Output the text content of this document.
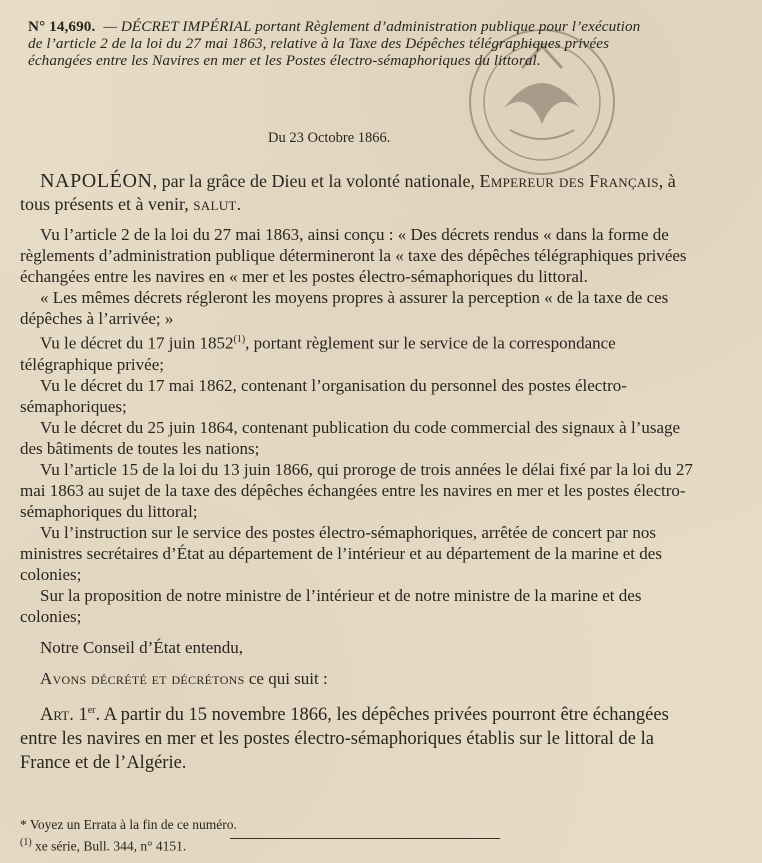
N° 14,690. — DÉCRET IMPÉRIAL portant Règlement d’administration publique pour l’exécution de l’article 2 de la loi du 27 mai 1863, relative à la Taxe des Dépêches télégraphiques privées échangées entre les Navires en mer et les Postes électro-sémaphoriques du littoral.
Du 23 Octobre 1866.

NAPOLÉON, par la grâce de Dieu et la volonté nationale, Empereur des Français, à tous présents et à venir, salut.

Vu l’article 2 de la loi du 27 mai 1863, ainsi conçu : « Des décrets rendus « dans la forme de règlements d’administration publique détermineront la « taxe des dépêches télégraphiques privées échangées entre les navires en « mer et les postes électro-sémaphoriques du littoral.

« Les mêmes décrets régleront les moyens propres à assurer la perception « de la taxe de ces dépêches à l’arrivée; »

Vu le décret du 17 juin 1852$^{(1)}$, portant règlement sur le service de la correspondance télégraphique privée;

Vu le décret du 17 mai 1862, contenant l’organisation du personnel des postes électro-sémaphoriques;

Vu le décret du 25 juin 1864, contenant publication du code commercial des signaux à l’usage des bâtiments de toutes les nations;

Vu l’article 15 de la loi du 13 juin 1866, qui proroge de trois années le délai fixé par la loi du 27 mai 1863 au sujet de la taxe des dépêches échangées entre les navires en mer et les postes électro-sémaphoriques du littoral;

Vu l’instruction sur le service des postes électro-sémaphoriques, arrêtée de concert par nos ministres secrétaires d’État au département de l’intérieur et au département de la marine et des colonies;

Sur la proposition de notre ministre de l’intérieur et de notre ministre de la marine et des colonies;

Notre Conseil d’État entendu,

Avons décrété et décrétons ce qui suit :

Art. 1er. A partir du 15 novembre 1866, les dépêches privées pourront être échangées entre les navires en mer et les postes électro-sémaphoriques établis sur le littoral de la France et de l’Algérie.

* Voyez un Errata à la fin de ce numéro.

$^{(1)}$ xe série, Bull. 344, n° 4151.
